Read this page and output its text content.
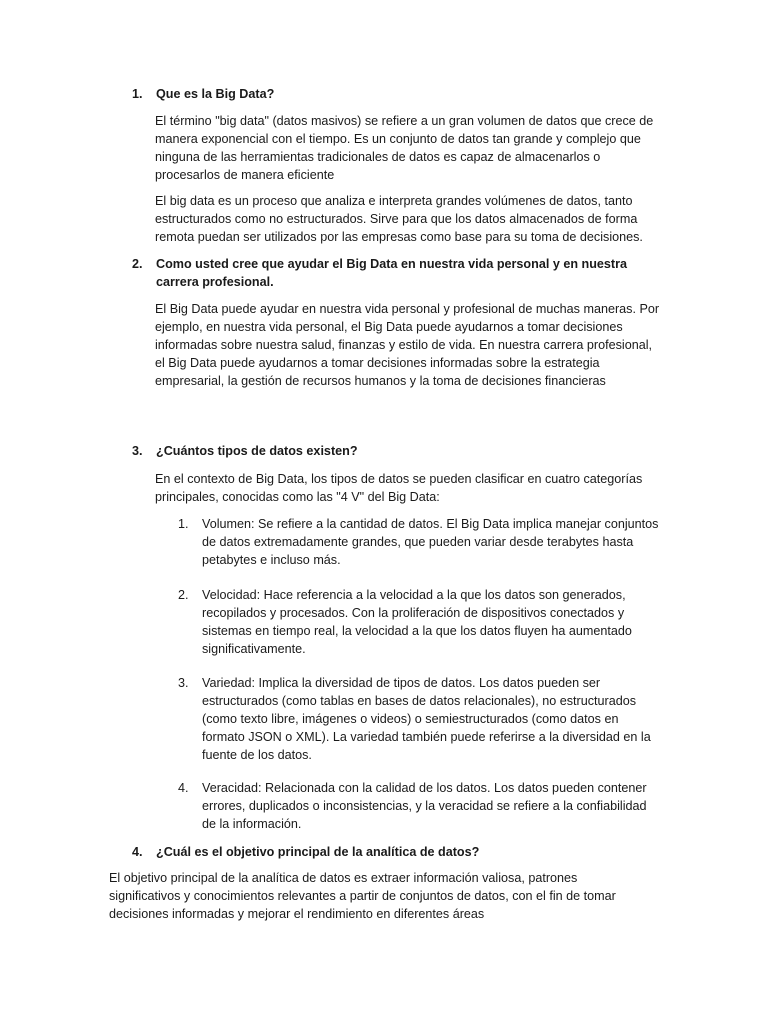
1.	Que es la Big Data?

El término "big data" (datos masivos) se refiere a un gran volumen de datos que crece de manera exponencial con el tiempo. Es un conjunto de datos tan grande y complejo que ninguna de las herramientas tradicionales de datos es capaz de almacenarlos o procesarlos de manera eficiente

El big data es un proceso que analiza e interpreta grandes volúmenes de datos, tanto estructurados como no estructurados. Sirve para que los datos almacenados de forma remota puedan ser utilizados por las empresas como base para su toma de decisiones.

2.	Como usted cree que ayudar el Big Data en nuestra vida personal y en nuestra carrera profesional.

El Big Data puede ayudar en nuestra vida personal y profesional de muchas maneras. Por ejemplo, en nuestra vida personal, el Big Data puede ayudarnos a tomar decisiones informadas sobre nuestra salud, finanzas y estilo de vida. En nuestra carrera profesional, el Big Data puede ayudarnos a tomar decisiones informadas sobre la estrategia empresarial, la gestión de recursos humanos y la toma de decisiones financieras

3.	¿Cuántos tipos de datos existen?

En el contexto de Big Data, los tipos de datos se pueden clasificar en cuatro categorías principales, conocidas como las "4 V" del Big Data:

1.	Volumen: Se refiere a la cantidad de datos. El Big Data implica manejar conjuntos de datos extremadamente grandes, que pueden variar desde terabytes hasta petabytes e incluso más.
2.	Velocidad: Hace referencia a la velocidad a la que los datos son generados, recopilados y procesados. Con la proliferación de dispositivos conectados y sistemas en tiempo real, la velocidad a la que los datos fluyen ha aumentado significativamente.
3.	Variedad: Implica la diversidad de tipos de datos. Los datos pueden ser estructurados (como tablas en bases de datos relacionales), no estructurados (como texto libre, imágenes o videos) o semiestructurados (como datos en formato JSON o XML). La variedad también puede referirse a la diversidad en la fuente de los datos.
4.	Veracidad: Relacionada con la calidad de los datos. Los datos pueden contener errores, duplicados o inconsistencias, y la veracidad se refiere a la confiabilidad de la información.
4.	¿Cuál es el objetivo principal de la analítica de datos?

El objetivo principal de la analítica de datos es extraer información valiosa, patrones significativos y conocimientos relevantes a partir de conjuntos de datos, con el fin de tomar decisiones informadas y mejorar el rendimiento en diferentes áreas
